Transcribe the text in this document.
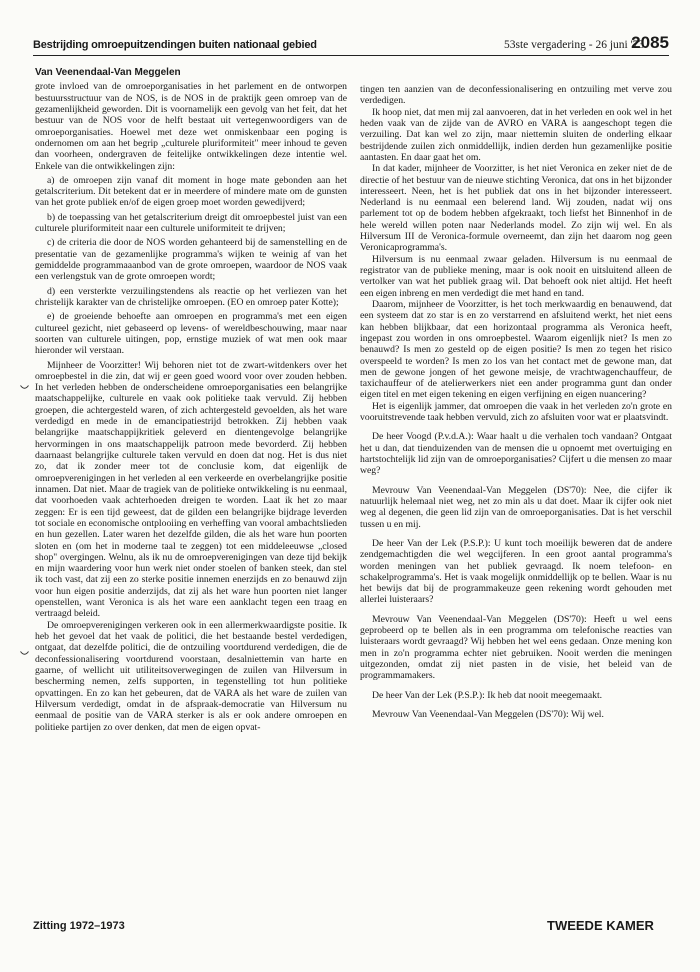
Bestrijding omroepuitzendingen buiten nationaal gebied	53ste vergadering - 26 juni '73
2085
Van Veenendaal-Van Meggelen

grote invloed van de omroeporganisaties in het parlement en de ontworpen bestuursstructuur van de NOS, is de NOS in de praktijk geen omroep van de gezamenlijkheid geworden. Dit is voornamelijk een gevolg van het feit, dat het bestuur van de NOS voor de helft bestaat uit vertegenwoordigers van de omroeporganisaties. Hoewel met deze wet onmiskenbaar een poging is ondernomen om aan het begrip „culturele pluriformiteit" meer inhoud te geven dan voorheen, ondergraven de feitelijke ontwikkelingen deze intentie wel. Enkele van die ontwikkelingen zijn:

a) de omroepen zijn vanaf dit moment in hoge mate gebonden aan het getalscriterium. Dit betekent dat er in meerdere of mindere mate om de gunsten van het grote publiek en/of de eigen groep moet worden gewedijverd;

b) de toepassing van het getalscriterium dreigt dit omroepbestel juist van een culturele pluriformiteit naar een culturele uniformiteit te drijven;

c) de criteria die door de NOS worden gehanteerd bij de samenstelling en de presentatie van de gezamenlijke programma's wijken te weinig af van het gemiddelde programmaaanbod van de grote omroepen, waardoor de NOS vaak een verlengstuk van de grote omroepen wordt;

d) een versterkte verzuilingstendens als reactie op het verliezen van het christelijk karakter van de christelijke omroepen. (EO en omroep pater Kotte);

e) de groeiende behoefte aan omroepen en programma's met een eigen cultureel gezicht, niet gebaseerd op levens- of wereldbeschouwing, maar naar soorten van culturele uitingen, pop, ernstige muziek of wat men ook maar hieronder wil verstaan.

Mijnheer de Voorzitter! Wij behoren niet tot de zwart-witdenkers over het omroepbestel in die zin, dat wij er geen goed woord voor over zouden hebben. In het verleden hebben de onderscheidene omroeporganisaties een belangrijke maatschappelijke, culturele en vaak ook politieke taak vervuld. Zij hebben groepen, die achtergesteld waren, of zich achtergesteld gevoelden, als het ware verdedigd en mede in de emancipatiestrijd betrokken. Zij hebben vaak belangrijke maatschappijkritiek geleverd en dientengevolge belangrijke hervormingen in ons maatschappelijk patroon mede bevorderd. Zij hebben daarnaast belangrijke culturele taken vervuld en doen dat nog. Het is dus niet zo, dat ik zonder meer tot de conclusie kom, dat eigenlijk de omroepverenigingen in het verleden al een verkeerde en overbelangrijke positie innamen. Dat niet. Maar de tragiek van de politieke ontwikkeling is nu eenmaal, dat voorhoeden vaak achterhoeden dreigen te worden. Laat ik het zo maar zeggen: Er is een tijd geweest, dat de gilden een belangrijke bijdrage leverden tot sociale en economische ontplooiing en verheffing van vooral ambachtslieden en hun gezellen. Later waren het dezelfde gilden, die als het ware hun poorten sloten en (om het in moderne taal te zeggen) tot een middeleeuwse „closed shop" overgingen. Welnu, als ik nu de omroepverenigingen van deze tijd bekijk en mijn waardering voor hun werk niet onder stoelen of banken steek, dan stel ik toch vast, dat zij een zo sterke positie innemen enerzijds en zo benauwd zijn voor hun eigen positie anderzijds, dat zij als het ware hun poorten niet langer openstellen, want Veronica is als het ware een aanklacht tegen een traag en vertraagd beleid.

De omroepverenigingen verkeren ook in een allermerkwaardigste positie. Ik heb het gevoel dat het vaak de politici, die het bestaande bestel verdedigen, ontgaat, dat dezelfde politici, die de ontzuiling voortdurend verdedigen, die de deconfessionalisering voortdurend voorstaan, desalniettemin van harte en gaarne, of wellicht uit utiliteitsoverwegingen de zuilen van Hilversum in bescherming nemen, zelfs supporten, in tegenstelling tot hun politieke opvattingen. En zo kan het gebeuren, dat de VARA als het ware de zuilen van Hilversum verdedigt, omdat in de afspraak-democratie van Hilversum nu eenmaal de positie van de VARA sterker is als er ook andere omroepen en politieke partijen zo over denken, dat men de eigen opvat-

tingen ten aanzien van de deconfessionalisering en ontzuiling met verve zou verdedigen.

Ik hoop niet, dat men mij zal aanvoeren, dat in het verleden en ook wel in het heden vaak van de zijde van de AVRO en VARA is aangeschopt tegen die verzuiling. Dat kan wel zo zijn, maar niettemin sluiten de onderling elkaar bestrijdende zuilen zich onmiddellijk, indien derden hun gezamenlijke positie aantasten. En daar gaat het om.

In dat kader, mijnheer de Voorzitter, is het niet Veronica en zeker niet de de directie of het bestuur van de nieuwe stichting Veronica, dat ons in het bijzonder interesseert. Neen, het is het publiek dat ons in het bijzonder interesseert. Nederland is nu eenmaal een belerend land. Wij zouden, nadat wij ons parlement tot op de bodem hebben afgekraakt, toch liefst het Binnenhof in de hele wereld willen poten naar Nederlands model. Zo zijn wij wel. En als Hilversum III de Veronica-formule overneemt, dan zijn het daarom nog geen Veronicaprogramma's.

Hilversum is nu eenmaal zwaar geladen. Hilversum is nu eenmaal de registrator van de publieke mening, maar is ook nooit en uitsluitend alleen de vertolker van wat het publiek graag wil. Dat behoeft ook niet altijd. Het heeft een eigen inbreng en men verdedigt die met hand en tand.

Daarom, mijnheer de Voorzitter, is het toch merkwaardig en benauwend, dat een systeem dat zo star is en zo verstarrend en afsluitend werkt, het niet eens kan hebben blijkbaar, dat een horizontaal programma als Veronica heeft, ingepast zou worden in ons omroepbestel. Waarom eigenlijk niet? Is men zo benauwd? Is men zo gesteld op de eigen positie? Is men zo tegen het risico overspeeld te worden? Is men zo los van het contact met de gewone man, dat men de gewone jongen of het gewone meisje, de vrachtwagenchauffeur, de taxichauffeur of de atelierwerkers niet een ander programma gunt dan onder eigen titel en met eigen tekening en eigen verfijning en eigen nuancering?

Het is eigenlijk jammer, dat omroepen die vaak in het verleden zo'n grote en vooruitstrevende taak hebben vervuld, zich zo afsluiten voor wat er plaatsvindt.

De heer Voogd (P.v.d.A.): Waar haalt u die verhalen toch vandaan? Ontgaat het u dan, dat tienduizenden van de mensen die u opnoemt met overtuiging en hartstochtelijk lid zijn van de omroeporganisaties? Cijfert u die mensen zo maar weg?

Mevrouw Van Veenendaal-Van Meggelen (DS'70): Nee, die cijfer ik natuurlijk helemaal niet weg, net zo min als u dat doet. Maar ik cijfer ook niet weg al degenen, die geen lid zijn van de omroeporganisaties. Dat is het verschil tussen u en mij.

De heer Van der Lek (P.S.P.): U kunt toch moeilijk beweren dat de andere zendgemachtigden die wel wegcijferen. In een groot aantal programma's worden meningen van het publiek gevraagd. Ik noem telefoon- en schakelprogramma's. Het is vaak mogelijk onmiddellijk op te bellen. Waar is nu het bewijs dat bij de programmakeuze geen rekening wordt gehouden met allerlei luisteraars?

Mevrouw Van Veenendaal-Van Meggelen (DS'70): Heeft u wel eens geprobeerd op te bellen als in een programma om telefonische reacties van luisteraars wordt gevraagd? Wij hebben het wel eens gedaan. Onze mening kon men in zo'n programma echter niet gebruiken. Nooit werden die meningen uitgezonden, omdat zij niet pasten in de visie, het beleid van de programmamakers.

De heer Van der Lek (P.S.P.): Ik heb dat nooit meegemaakt.

Mevrouw Van Veenendaal-Van Meggelen (DS'70): Wij wel.

Zitting 1972–1973	TWEEDE KAMER
